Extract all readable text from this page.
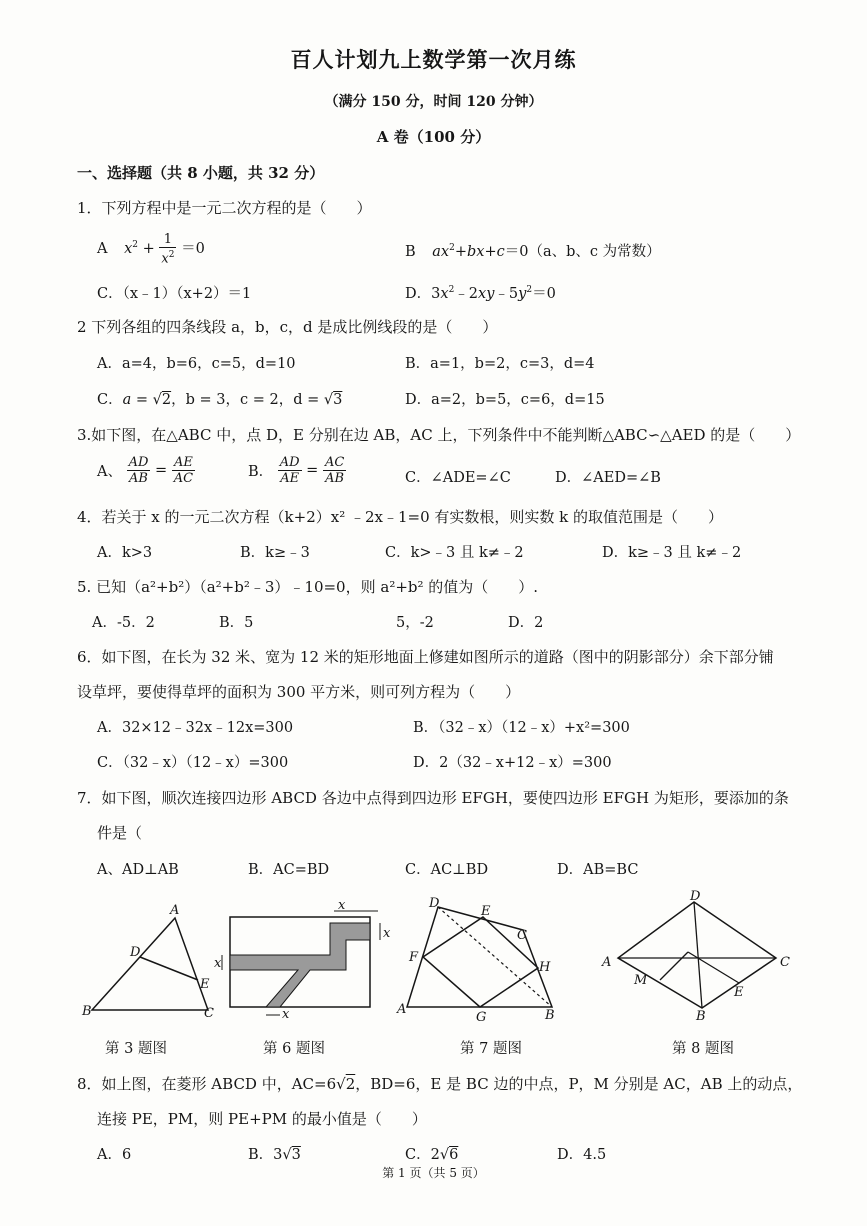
百人计划九上数学第一次月练
（满分 150 分，时间 120 分钟）
A 卷（100 分）
一、选择题（共 8 小题，共 32 分）
1．下列方程中是一元二次方程的是（　　）
A $x^2 + \frac{1}{x^2} =0$	B $ax^2+bx+c=0(a$、b、c 为常数）
C．（x﹣1）（x+2）＝1	D．$3x^2﹣2xy﹣5y^2=0$
2 下列各组的四条线段 a，b，c，d 是成比例线段的是（　　）
A．a=4，b=6，c=5，d=10	B．a=1，b=2，c=3，d=4
C．a = √2，b = 3，c = 2，d = √3	D．a=2，b=5，c=6，d=15
3.如下图，在△ABC 中，点 D，E 分别在边 AB，AC 上，下列条件中不能判断△ABC∽△AED 的是（　　）
A、 $\frac{AD}{AB} = \frac{AE}{AC}$	B． $\frac{AD}{AE} = \frac{AC}{AB}$	C．∠ADE=∠C	D．∠AED=∠B
4．若关于 x 的一元二次方程（k+2）x² ﹣2x﹣1=0 有实数根，则实数 k 的取值范围是（　　）
A．k>3	B．k≥﹣3	C．k>﹣3 且 k≠﹣2	D．k≥﹣3 且 k≠﹣2
5. 已知（a²+b²）（a²+b²﹣3）﹣10=0，则 a²+b² 的值为（　　）.
A．-5．2	B．5	5，-2	D．2
6．如下图，在长为 32 米、宽为 12 米的矩形地面上修建如图所示的道路（图中的阴影部分）余下部分铺
设草坪，要使得草坪的面积为 300 平方米，则可列方程为（　　）
A．32×12﹣32x﹣12x=300	B．（32﹣x）（12﹣x）+x²=300
C．（32﹣x）（12﹣x）=300	D．2（32﹣x+12﹣x）=300
7．如下图，顺次连接四边形 ABCD 各边中点得到四边形 EFGH，要使四边形 EFGH 为矩形，要添加的条
件是（
A、AD⊥AB	B．AC=BD	C．AC⊥BD	D．AB=BC
A
D
E
B	C
第 3 题图
x
x
x
x
第 6 题图
D
E
C
F
H
A
G	B
第 7 题图
D
A	C
M
E
B
第 8 题图
8．如上图，在菱形 ABCD 中，AC=6√2，BD=6，E 是 BC 边的中点，P，M 分别是 AC，AB 上的动点，
连接 PE，PM，则 PE+PM 的最小值是（　　）
A．6	B．3√3	C．2√6	D．4.5
第 1 页（共 5 页）
